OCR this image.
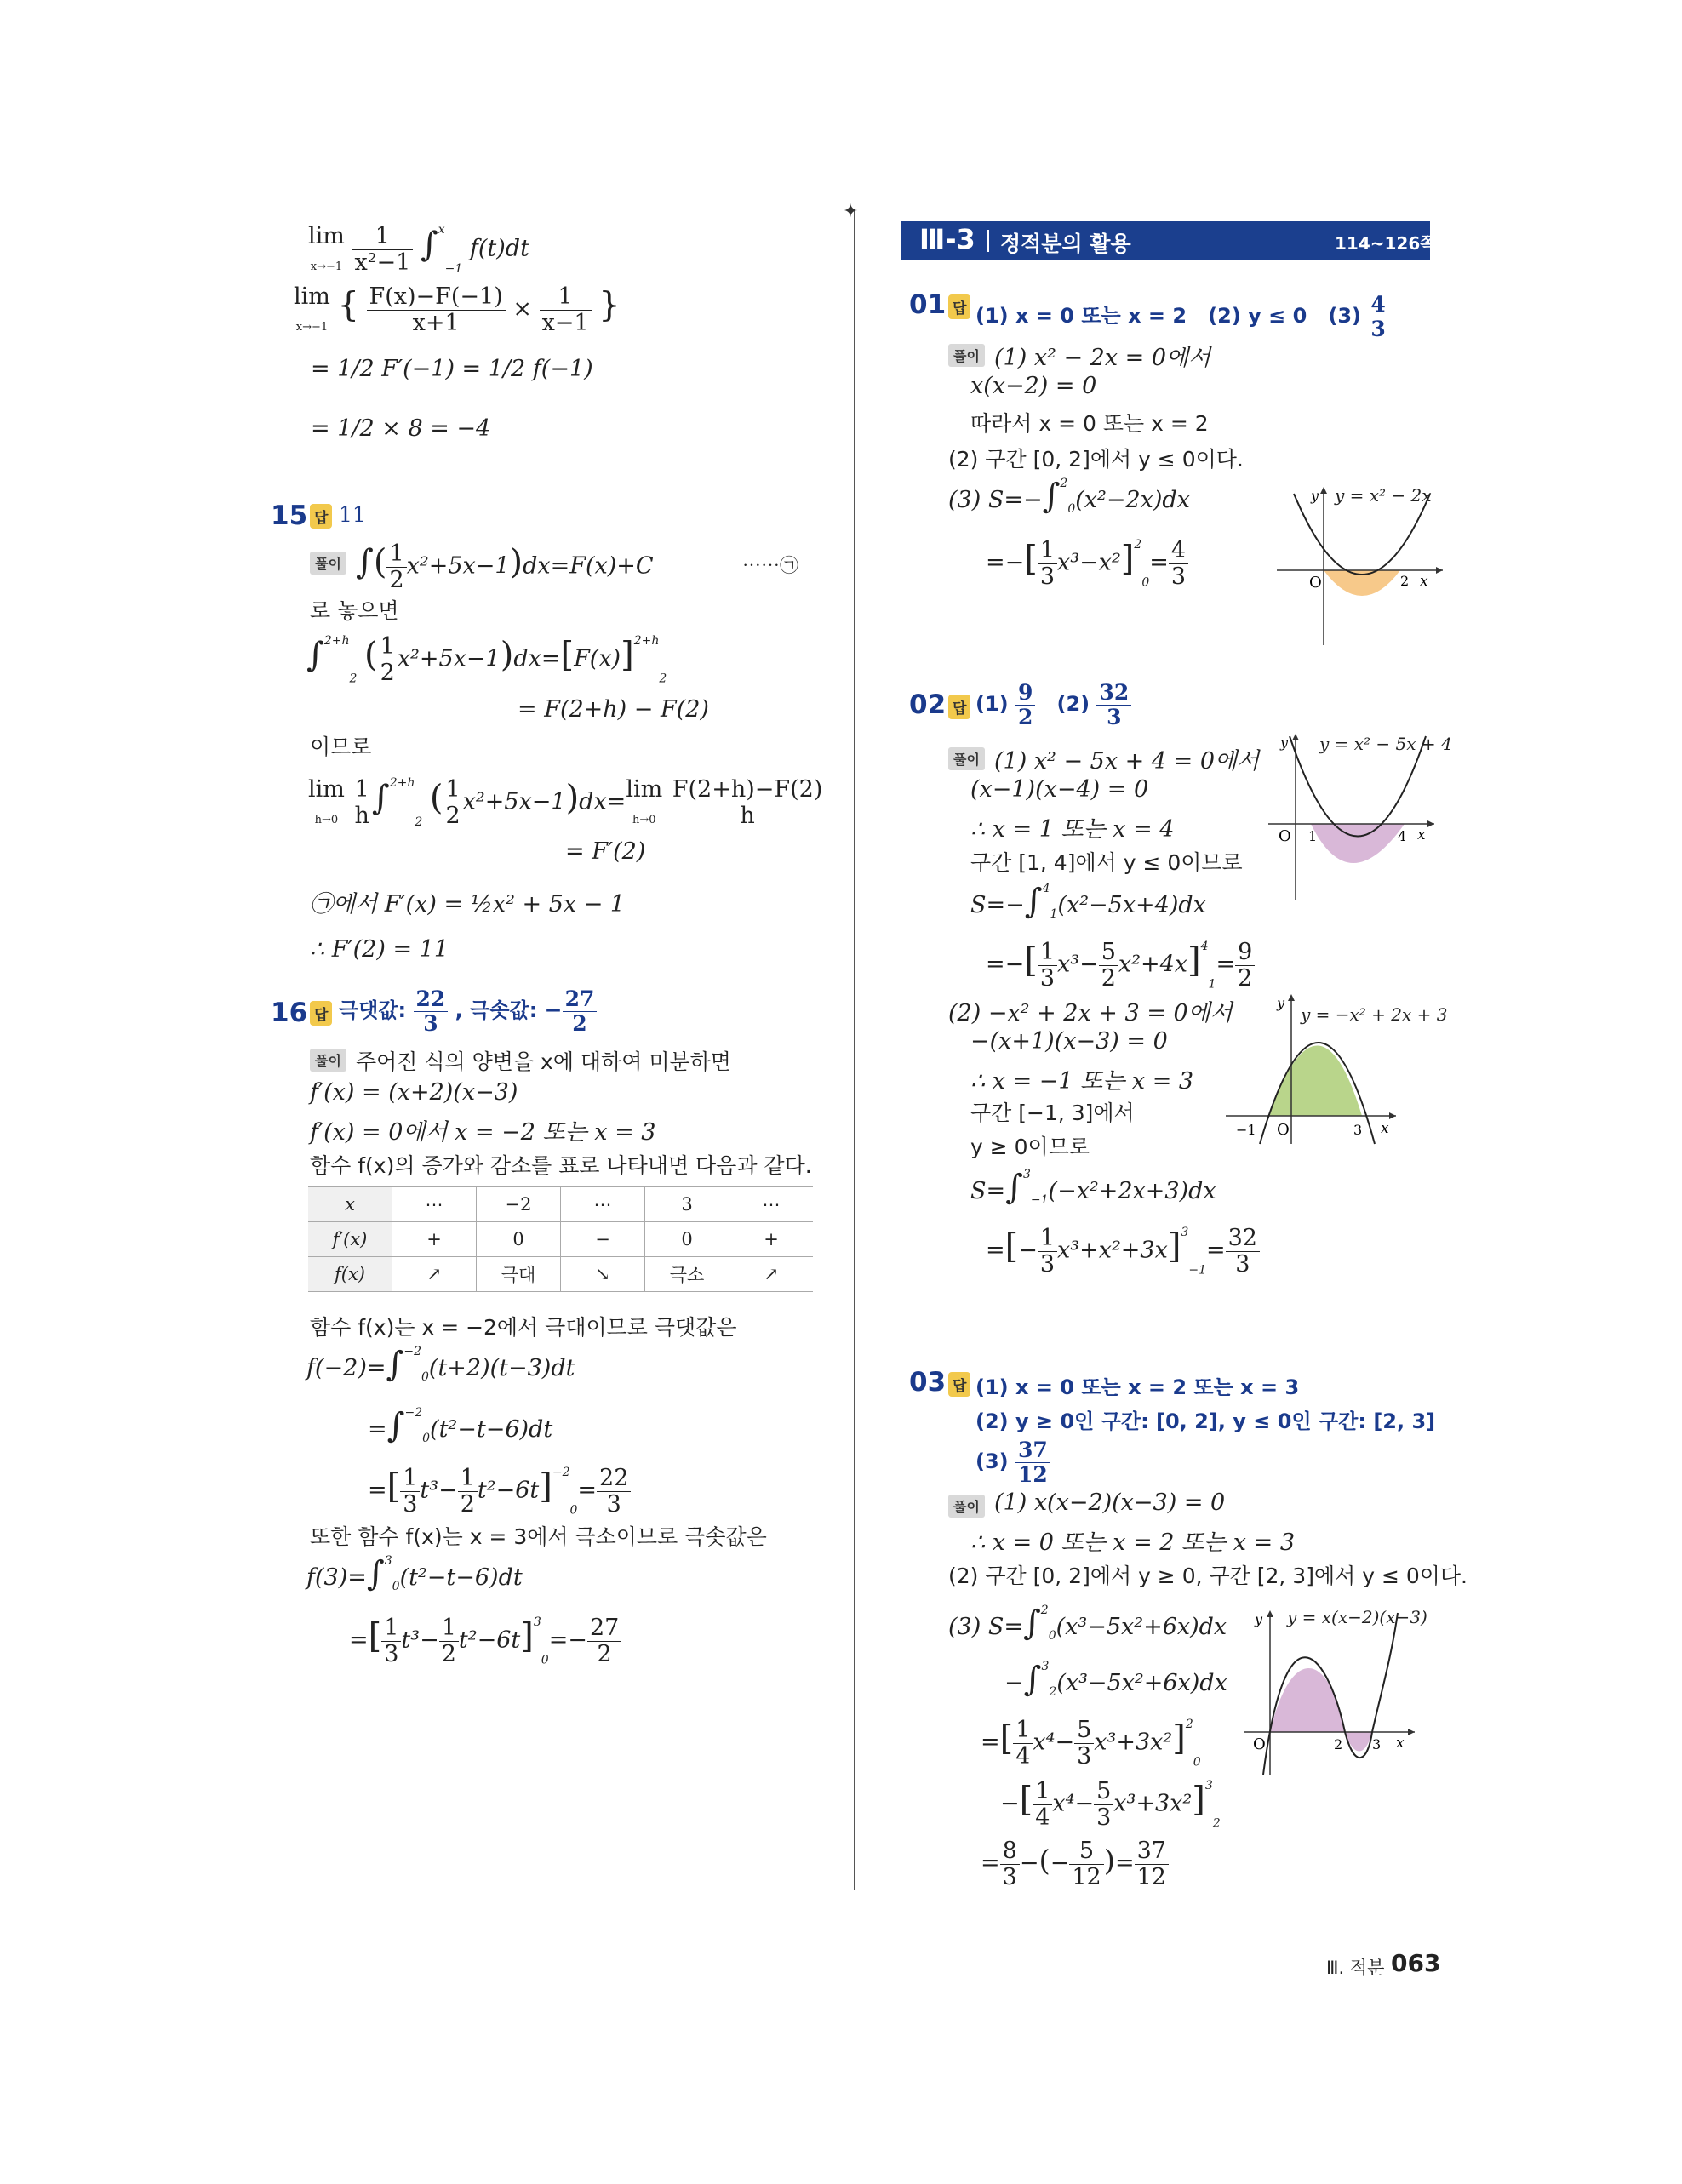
Ⅲ-3 정적분의 활용	114~126쪽
✦
lim
$x\to-1 \frac{1}{\text{x²−1}} \int^x-1$ f(t)dt
lim
x→−1 { $\frac{F(x)-F(-1)}{x+1} \times \frac{1}{x-1}$ }
= 1/2 F′(−1) = 1/2 f(−1)
= 1/2 × 8 = −4
15 답 11
풀이 ∫( $\frac{1}{2} x^2+5x-1)dx=F(x)+C$	⋯⋯㉠
로 놓으면
∫$^{2+h}$2 ( $\frac{1}{2} x^2+5x-1)dx=[F(x)]^{2+h}2$
= F(2+h) − F(2)
이므로
lim
$h\to 0 \frac{1}{h} \int^{2+h}2$ ( $\frac{1}{2} x^2+5x-1)dx=\lim$
$h\to 0 \frac{F(2+h)-F(2)}{h}$
= F′(2)
㉠에서 F′(x) = ½x² + 5x − 1
∴ F′(2) = 11
16 답 극댓값: $\frac{22}{3}$ , 극솟값: − $\frac{27}{2}$
풀이 주어진 식의 양변을 x에 대하여 미분하면
f′(x) = (x+2)(x−3)
f′(x) = 0에서 x = −2 또는 x = 3
함수 f(x)의 증가와 감소를 표로 나타내면 다음과 같다.
x	⋯	−2	⋯	3	⋯
f′(x)	+	0	−	0	+
f(x)	↗	극대	↘	극소	↗
함수 f(x)는 x = −2에서 극대이므로 극댓값은
f(−2)=∫$^{-2}$0(t+2)(t−3)dt
=∫$^{-2}$0(t²−t−6)dt
=[ $\frac{1}{3} t^3- \frac{1}{2} t^2-6t]^{-2}0= \frac{22}{3}$
또한 함수 f(x)는 x = 3에서 극소이므로 극솟값은
f(3)=∫$^3$0(t²−t−6)dt
=[ $\frac{1}{3} t^3- \frac{1}{2} t^2-6t]^30=- \frac{27}{2}$
01 답 (1) x = 0 또는 x = 2 (2) y ≤ 0 $(3) \frac{4}{3}$
풀이 (1) x² − 2x = 0에서
x(x−2) = 0
따라서 x = 0 또는 x = 2
(2) 구간 [0, 2]에서 y ≤ 0이다.
(3) S=−∫$^2$0(x²−2x)dx
=−[ $\frac{1}{3} x^3-x^2]^20= \frac{4}{3}$	O	2 x
y y = x² − 2x
02 답 $(1) \frac{9}{2} (2) \frac{32}{3}$
풀이 (1) x² − 5x + 4 = 0에서
(x−1)(x−4) = 0
∴ x = 1 또는 x = 4
구간 [1, 4]에서 y ≤ 0이므로
S=−∫$^4$1(x²−5x+4)dx
=−[ $\frac{1}{3} x^3- \frac{5}{2} x^2+4x]^41= \frac{9}{2}$
O 1	4 x
y y = x² − 5x + 4
(2) −x² + 2x + 3 = 0에서
−(x+1)(x−3) = 0
∴ x = −1 또는 x = 3
구간 [−1, 3]에서
y ≥ 0이므로
S=∫$^3$−1(−x²+2x+3)dx
=[− $\frac{1}{3} x^3+x^2+3x]^3-1= \frac{32}{3}$
−1 O	3 x
y
y = −x² + 2x + 3
03 답 (1) x = 0 또는 x = 2 또는 x = 3
(2) y ≥ 0인 구간: [0, 2], y ≤ 0인 구간: [2, 3]
$(3) \frac{37}{12}$
풀이 (1) x(x−2)(x−3) = 0
∴ x = 0 또는 x = 2 또는 x = 3
(2) 구간 [0, 2]에서 y ≥ 0, 구간 [2, 3]에서 y ≤ 0이다.
(3) S=∫$^2$0(x³−5x²+6x)dx
−∫$^3$2(x³−5x²+6x)dx
=[ $\frac{1}{4} x^4- \frac{5}{3} x^3+3x^2]^20$
−[ $\frac{1}{4} x^4- \frac{5}{3} x^3+3x^2]^32$
= $\frac{8}{3}$ −(− $\frac{5}{12}$ )= $\frac{37}{12}$
O	2 3 x
y y = x(x−2)(x−3)
Ⅲ. 적분 063
